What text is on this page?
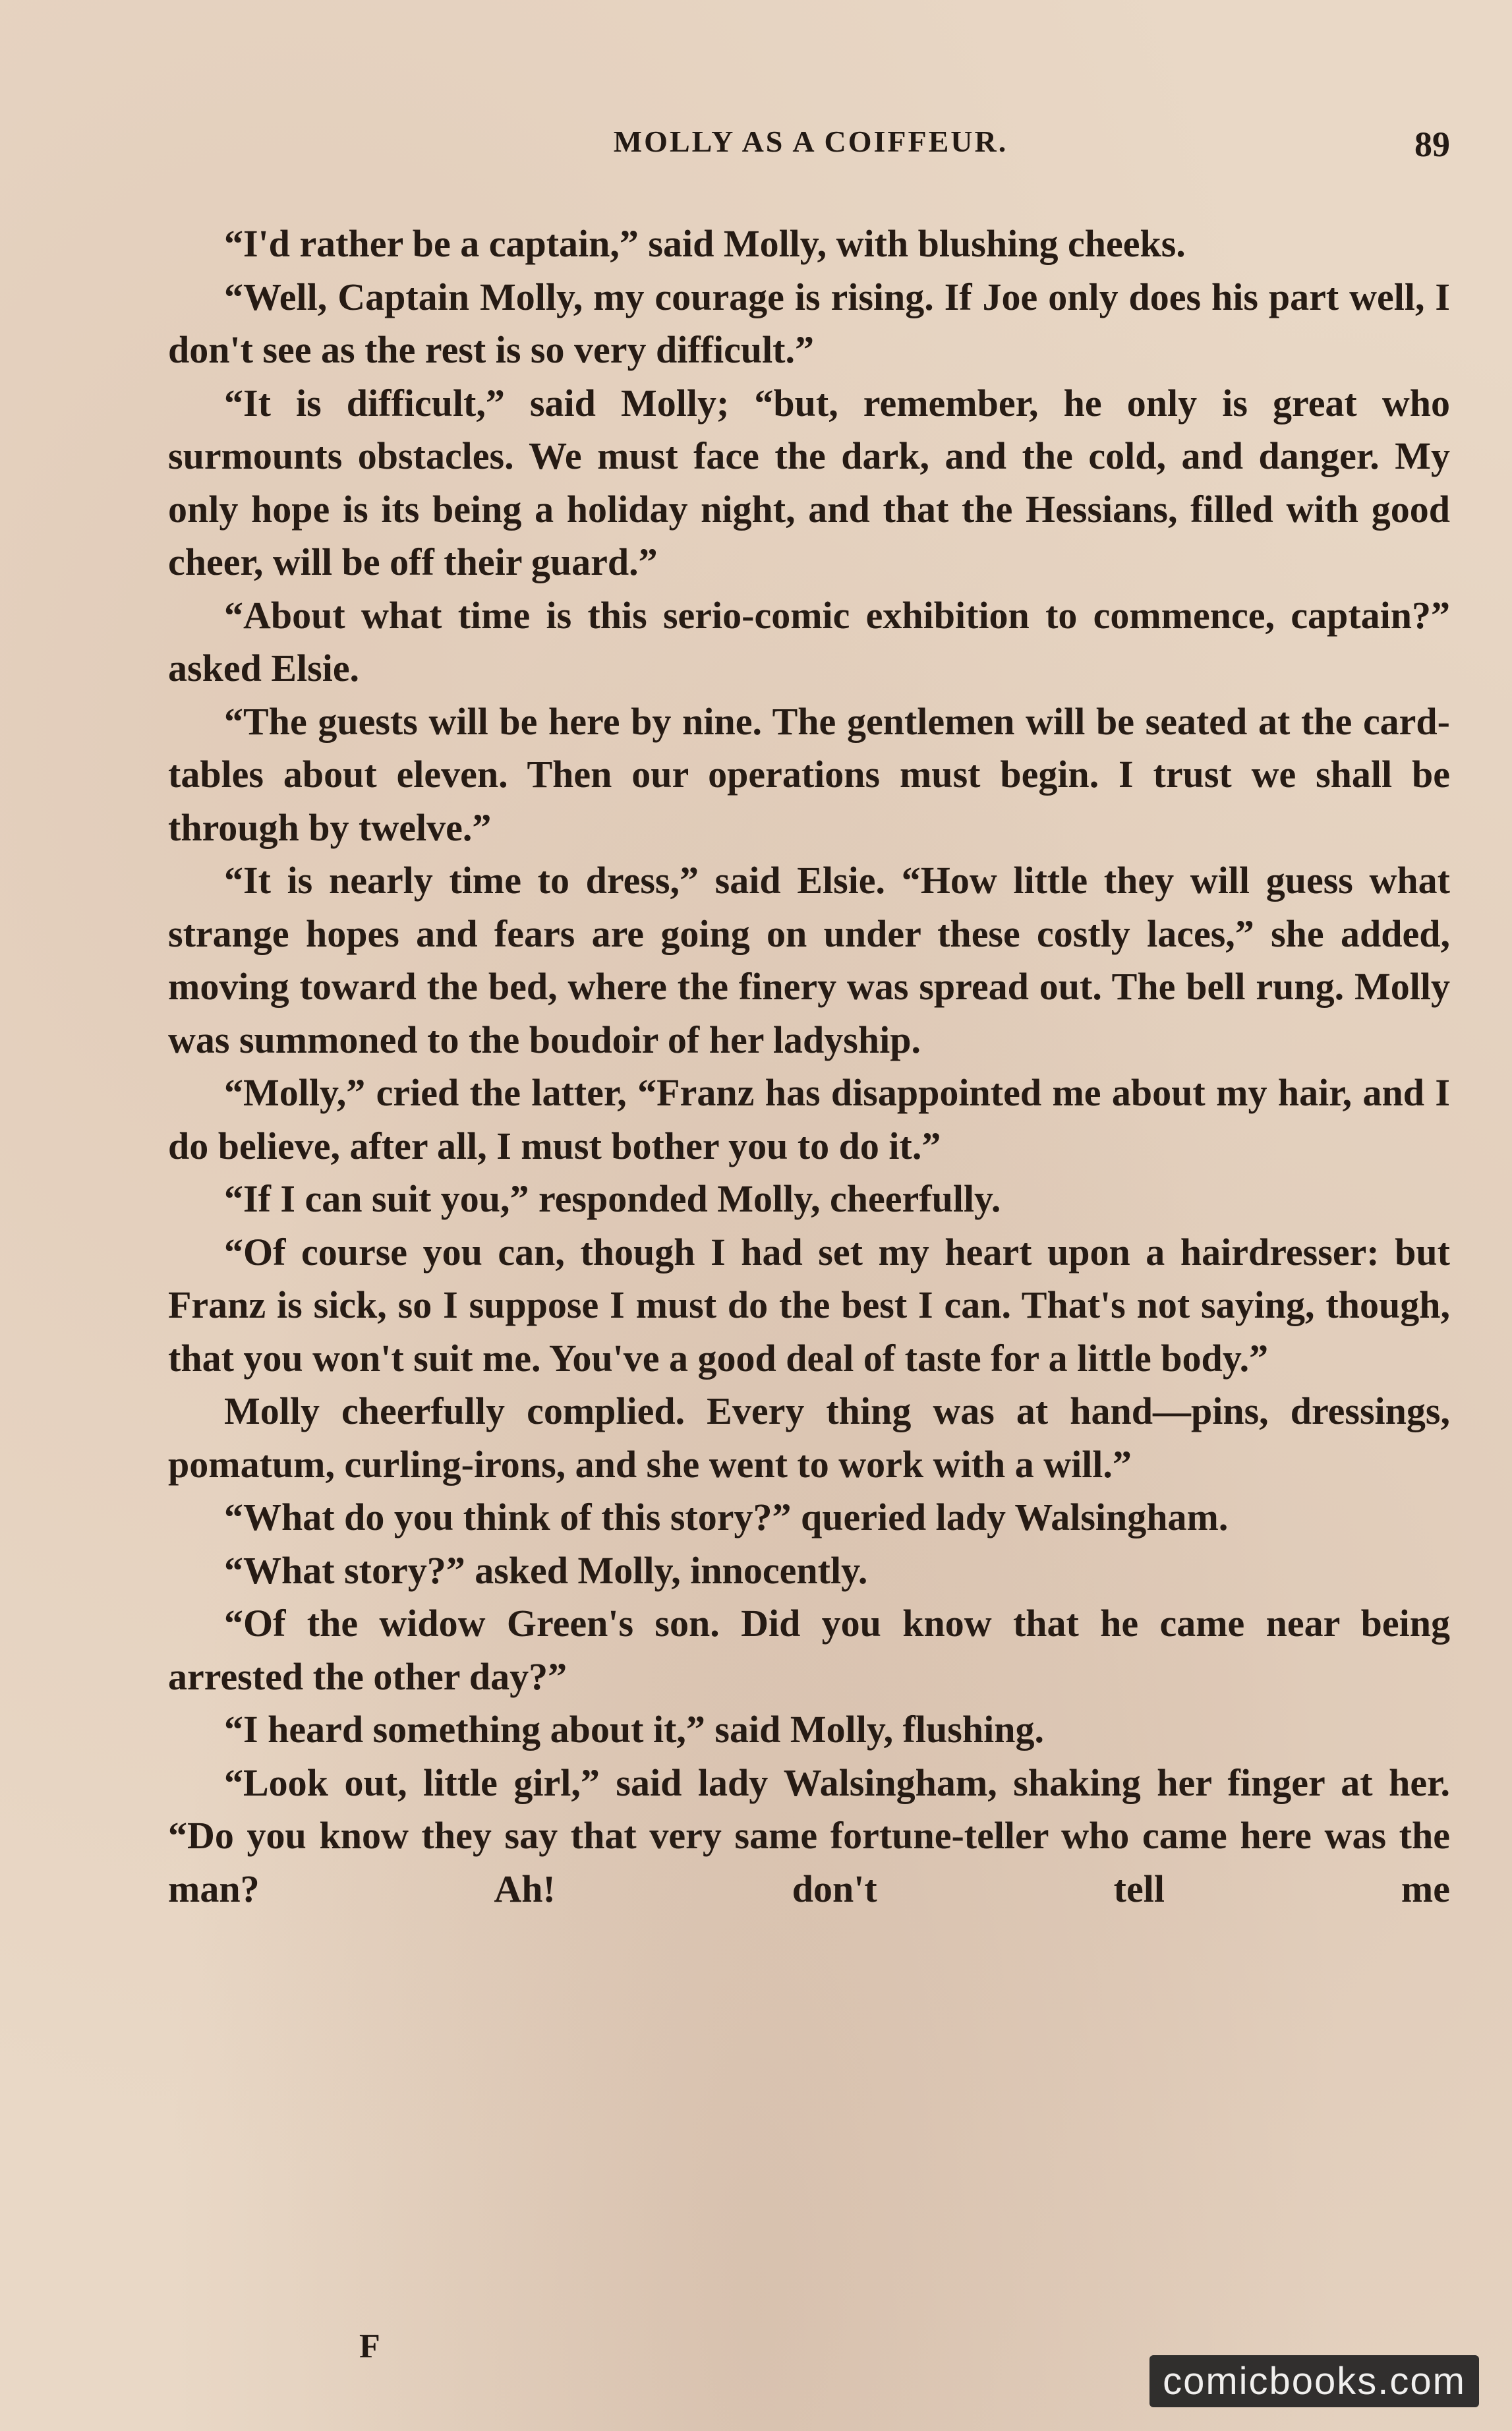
MOLLY AS A COIFFEUR.	89

“I'd rather be a captain,” said Molly, with blushing cheeks.

“Well, Captain Molly, my courage is rising. If Joe only does his part well, I don't see as the rest is so very difficult.”

“It is difficult,” said Molly; “but, remember, he only is great who surmounts obstacles. We must face the dark, and the cold, and danger. My only hope is its being a holiday night, and that the Hessians, filled with good cheer, will be off their guard.”

“About what time is this serio-comic exhibition to commence, captain?” asked Elsie.

“The guests will be here by nine. The gentlemen will be seated at the card-tables about eleven. Then our operations must begin. I trust we shall be through by twelve.”

“It is nearly time to dress,” said Elsie. “How little they will guess what strange hopes and fears are going on under these costly laces,” she added, moving toward the bed, where the finery was spread out. The bell rung. Molly was summoned to the boudoir of her ladyship.

“Molly,” cried the latter, “Franz has disappointed me about my hair, and I do believe, after all, I must bother you to do it.”

“If I can suit you,” responded Molly, cheerfully.

“Of course you can, though I had set my heart upon a hairdresser: but Franz is sick, so I suppose I must do the best I can. That's not saying, though, that you won't suit me. You've a good deal of taste for a little body.”

Molly cheerfully complied. Every thing was at hand—pins, dressings, pomatum, curling-irons, and she went to work with a will.”

“What do you think of this story?” queried lady Walsingham.

“What story?” asked Molly, innocently.

“Of the widow Green's son. Did you know that he came near being arrested the other day?”

“I heard something about it,” said Molly, flushing.

“Look out, little girl,” said lady Walsingham, shaking her finger at her. “Do you know they say that very same fortune-teller who came here was the man? Ah! don't tell me

F
comicbooks.com
